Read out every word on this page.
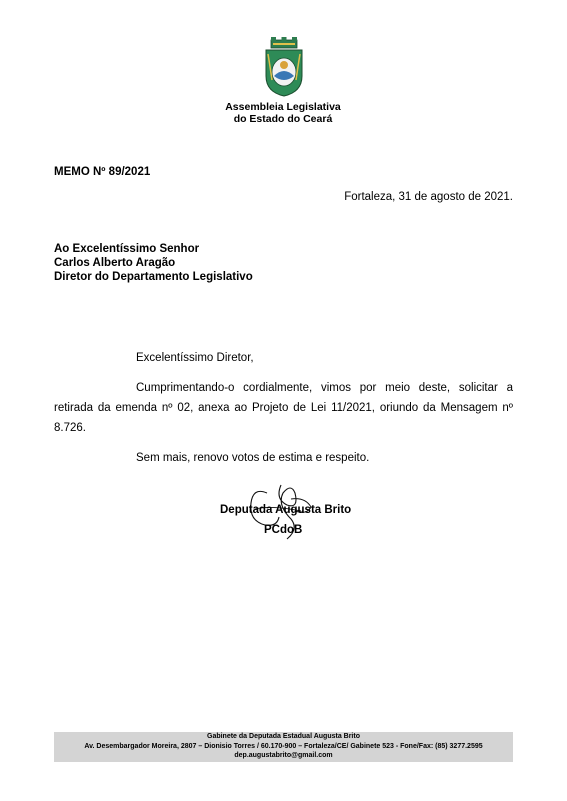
Assembleia Legislativa
do Estado do Ceará
MEMO Nº 89/2021
Fortaleza, 31 de agosto de 2021.
Ao Excelentíssimo Senhor
Carlos Alberto Aragão
Diretor do Departamento Legislativo

Excelentíssimo Diretor,

Cumprimentando-o cordialmente, vimos por meio deste, solicitar a retirada da emenda nº 02, anexa ao Projeto de Lei 11/2021, oriundo da Mensagem nº 8.726.

Sem mais, renovo votos de estima e respeito.

Deputada Augusta Brito
PCdoB
Gabinete da Deputada Estadual Augusta Brito
Av. Desembargador Moreira, 2807 – Dionisio Torres / 60.170-900 – Fortaleza/CE/ Gabinete 523 - Fone/Fax: (85) 3277.2595
dep.augustabrito@gmail.com
